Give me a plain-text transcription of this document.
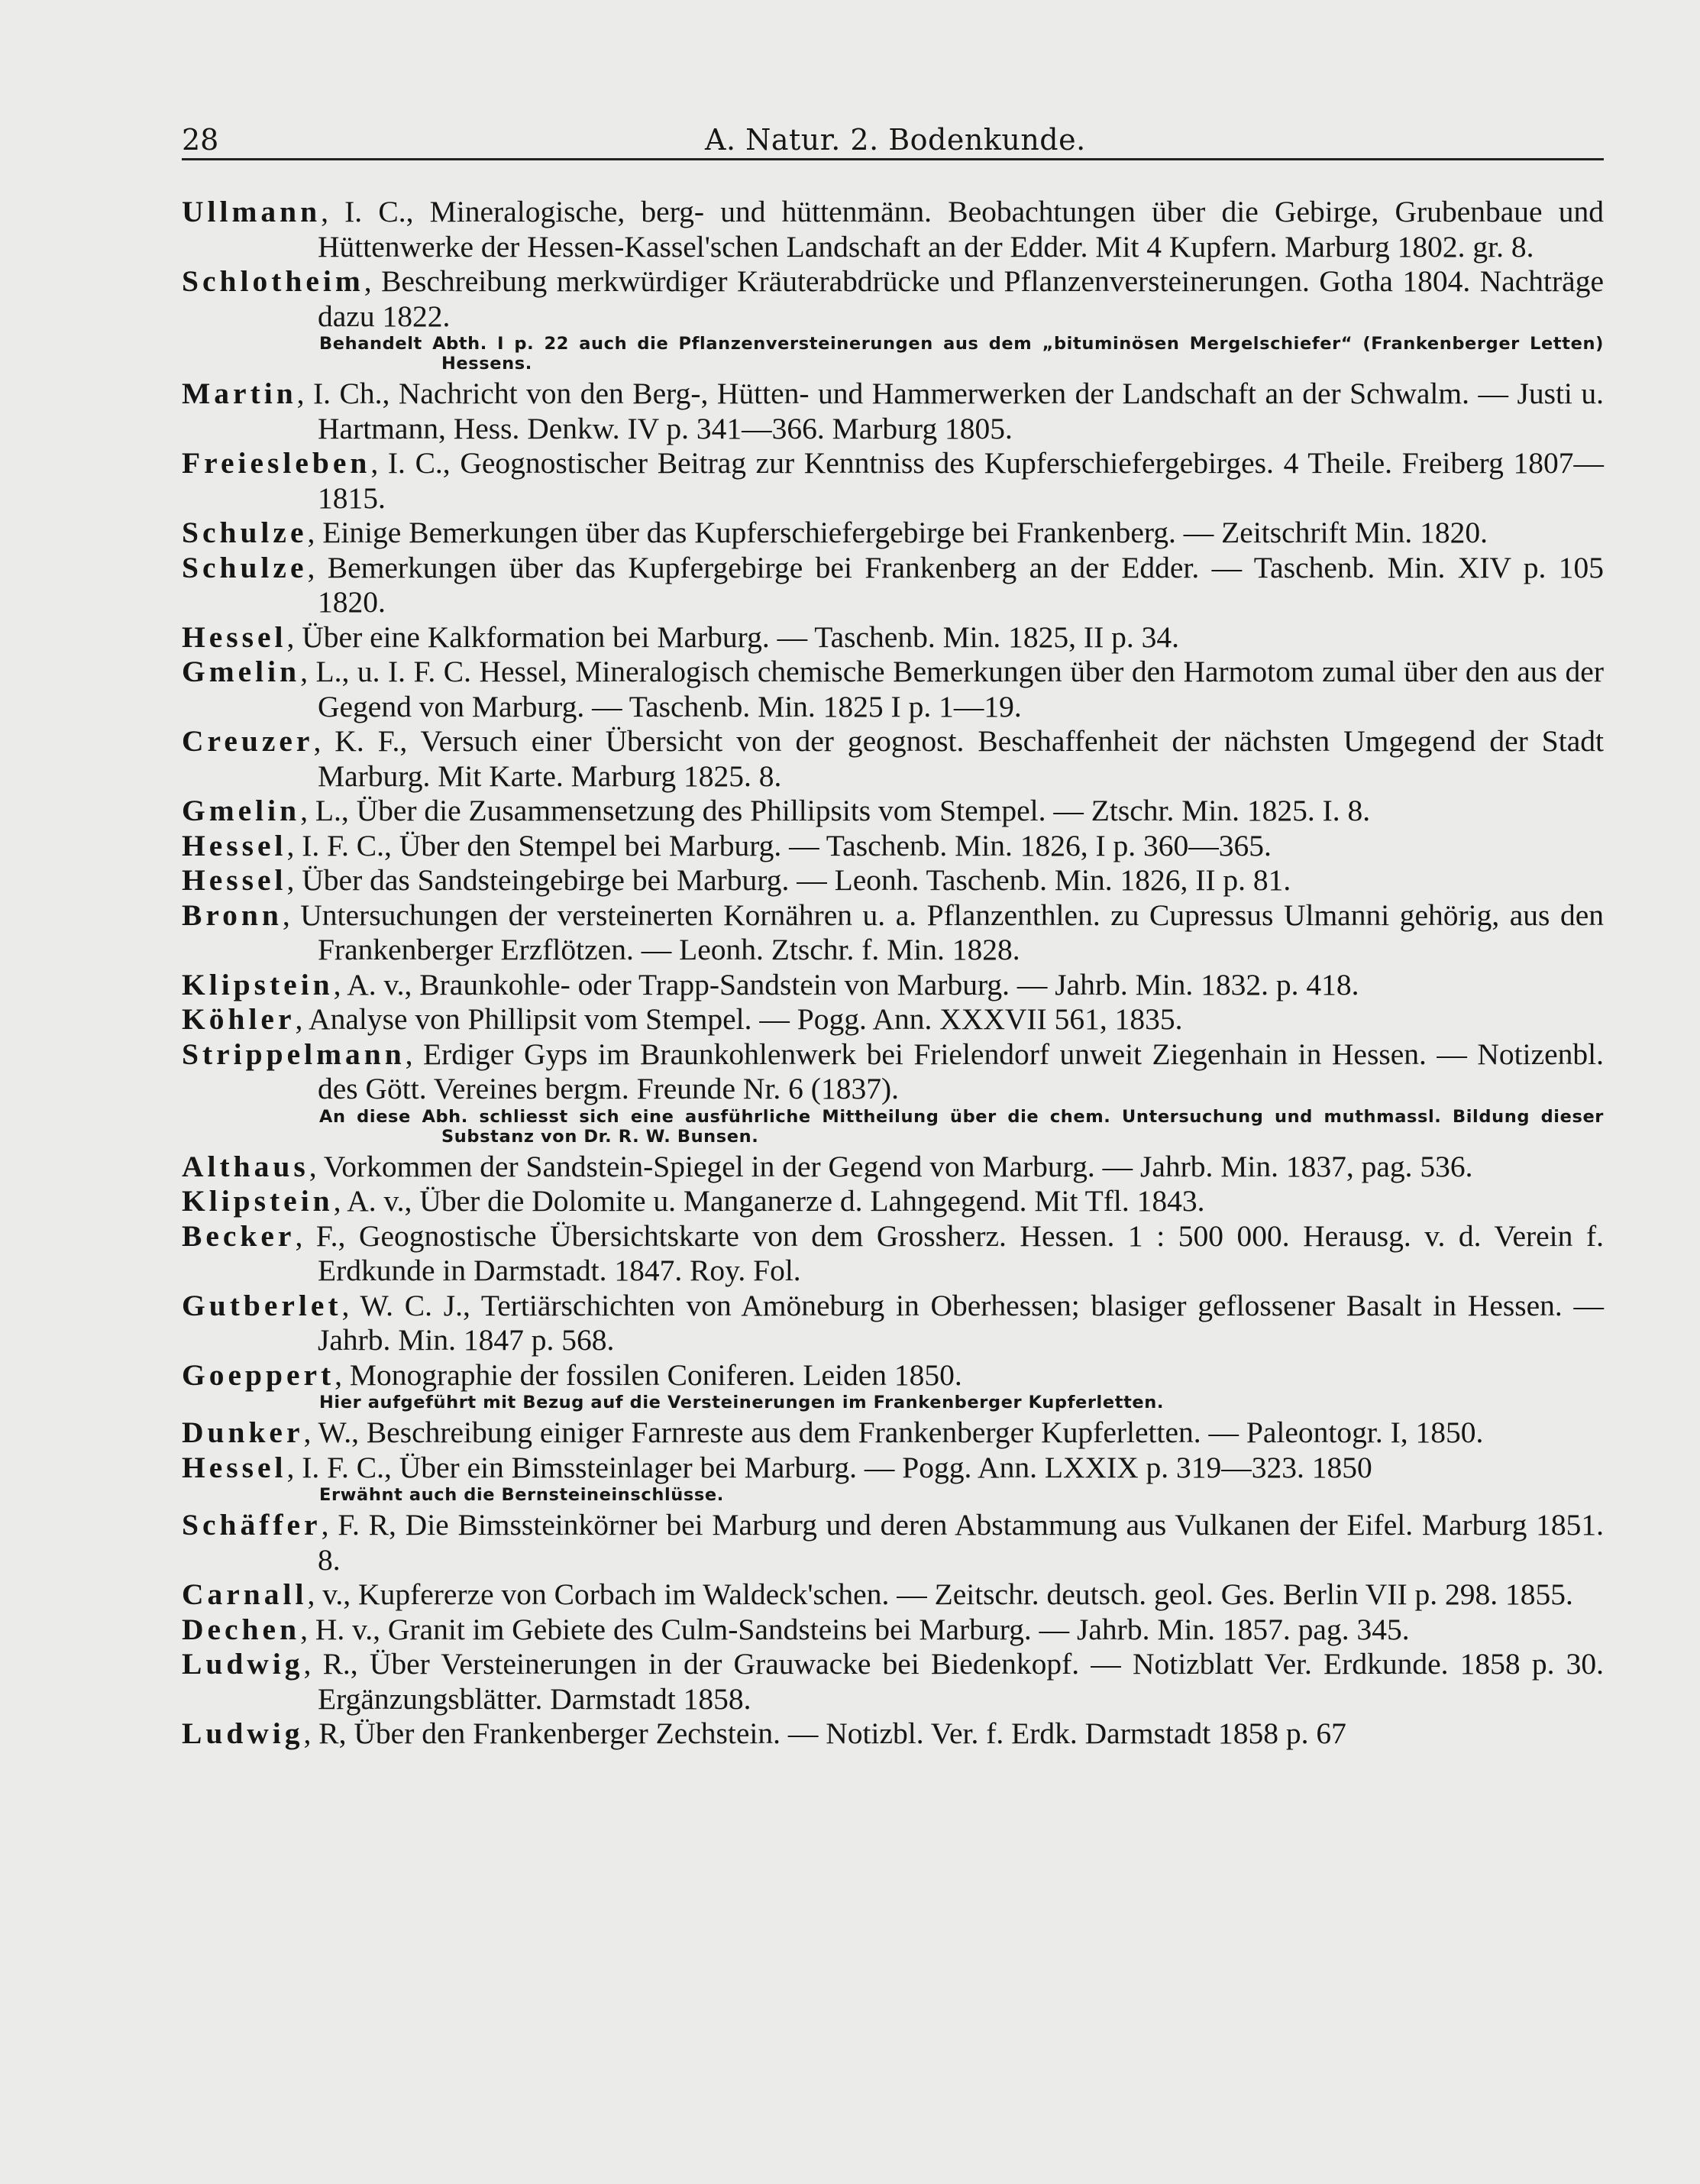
28	A. Natur. 2. Bodenkunde.
Ullmann, I. C., Mineralogische, berg- und hüttenmänn. Beobachtungen über die Gebirge, Grubenbaue und Hüttenwerke der Hessen-Kassel'schen Landschaft an der Edder. Mit 4 Kupfern. Marburg 1802. gr. 8.
Schlotheim, Beschreibung merkwürdiger Kräuterabdrücke und Pflanzenversteinerungen. Gotha 1804. Nachträge dazu 1822.
Behandelt Abth. I p. 22 auch die Pflanzenversteinerungen aus dem „bituminösen Mergelschiefer“ (Frankenberger Letten) Hessens.
Martin, I. Ch., Nachricht von den Berg-, Hütten- und Hammerwerken der Landschaft an der Schwalm. — Justi u. Hartmann, Hess. Denkw. IV p. 341—366. Marburg 1805.
Freiesleben, I. C., Geognostischer Beitrag zur Kenntniss des Kupferschiefergebirges. 4 Theile. Freiberg 1807—1815.
Schulze, Einige Bemerkungen über das Kupferschiefergebirge bei Frankenberg. — Zeitschrift Min. 1820.
Schulze, Bemerkungen über das Kupfergebirge bei Frankenberg an der Edder. — Taschenb. Min. XIV p. 105 1820.
Hessel, Über eine Kalkformation bei Marburg. — Taschenb. Min. 1825, II p. 34.
Gmelin, L., u. I. F. C. Hessel, Mineralogisch chemische Bemerkungen über den Harmotom zumal über den aus der Gegend von Marburg. — Taschenb. Min. 1825 I p. 1—19.
Creuzer, K. F., Versuch einer Übersicht von der geognost. Beschaffenheit der nächsten Umgegend der Stadt Marburg. Mit Karte. Marburg 1825. 8.
Gmelin, L., Über die Zusammensetzung des Phillipsits vom Stempel. — Ztschr. Min. 1825. I. 8.
Hessel, I. F. C., Über den Stempel bei Marburg. — Taschenb. Min. 1826, I p. 360—365.
Hessel, Über das Sandsteingebirge bei Marburg. — Leonh. Taschenb. Min. 1826, II p. 81.
Bronn, Untersuchungen der versteinerten Kornähren u. a. Pflanzenthlen. zu Cupressus Ulmanni gehörig, aus den Frankenberger Erzflötzen. — Leonh. Ztschr. f. Min. 1828.
Klipstein, A. v., Braunkohle- oder Trapp-Sandstein von Marburg. — Jahrb. Min. 1832. p. 418.
Köhler, Analyse von Phillipsit vom Stempel. — Pogg. Ann. XXXVII 561, 1835.
Strippelmann, Erdiger Gyps im Braunkohlenwerk bei Frielendorf unweit Ziegenhain in Hessen. — Notizenbl. des Gött. Vereines bergm. Freunde Nr. 6 (1837).
An diese Abh. schliesst sich eine ausführliche Mittheilung über die chem. Untersuchung und muthmassl. Bildung dieser Substanz von Dr. R. W. Bunsen.
Althaus, Vorkommen der Sandstein-Spiegel in der Gegend von Marburg. — Jahrb. Min. 1837, pag. 536.
Klipstein, A. v., Über die Dolomite u. Manganerze d. Lahngegend. Mit Tfl. 1843.
Becker, F., Geognostische Übersichtskarte von dem Grossherz. Hessen. 1 : 500 000. Herausg. v. d. Verein f. Erdkunde in Darmstadt. 1847. Roy. Fol.
Gutberlet, W. C. J., Tertiärschichten von Amöneburg in Oberhessen; blasiger geflossener Basalt in Hessen. — Jahrb. Min. 1847 p. 568.
Goeppert, Monographie der fossilen Coniferen. Leiden 1850.
Hier aufgeführt mit Bezug auf die Versteinerungen im Frankenberger Kupferletten.
Dunker, W., Beschreibung einiger Farnreste aus dem Frankenberger Kupferletten. — Paleontogr. I, 1850.
Hessel, I. F. C., Über ein Bimssteinlager bei Marburg. — Pogg. Ann. LXXIX p. 319—323. 1850
Erwähnt auch die Bernsteineinschlüsse.
Schäffer, F. R, Die Bimssteinkörner bei Marburg und deren Abstammung aus Vulkanen der Eifel. Marburg 1851. 8.
Carnall, v., Kupfererze von Corbach im Waldeck'schen. — Zeitschr. deutsch. geol. Ges. Berlin VII p. 298. 1855.
Dechen, H. v., Granit im Gebiete des Culm-Sandsteins bei Marburg. — Jahrb. Min. 1857. pag. 345.
Ludwig, R., Über Versteinerungen in der Grauwacke bei Biedenkopf. — Notizblatt Ver. Erdkunde. 1858 p. 30. Ergänzungsblätter. Darmstadt 1858.
Ludwig, R, Über den Frankenberger Zechstein. — Notizbl. Ver. f. Erdk. Darmstadt 1858 p. 67
